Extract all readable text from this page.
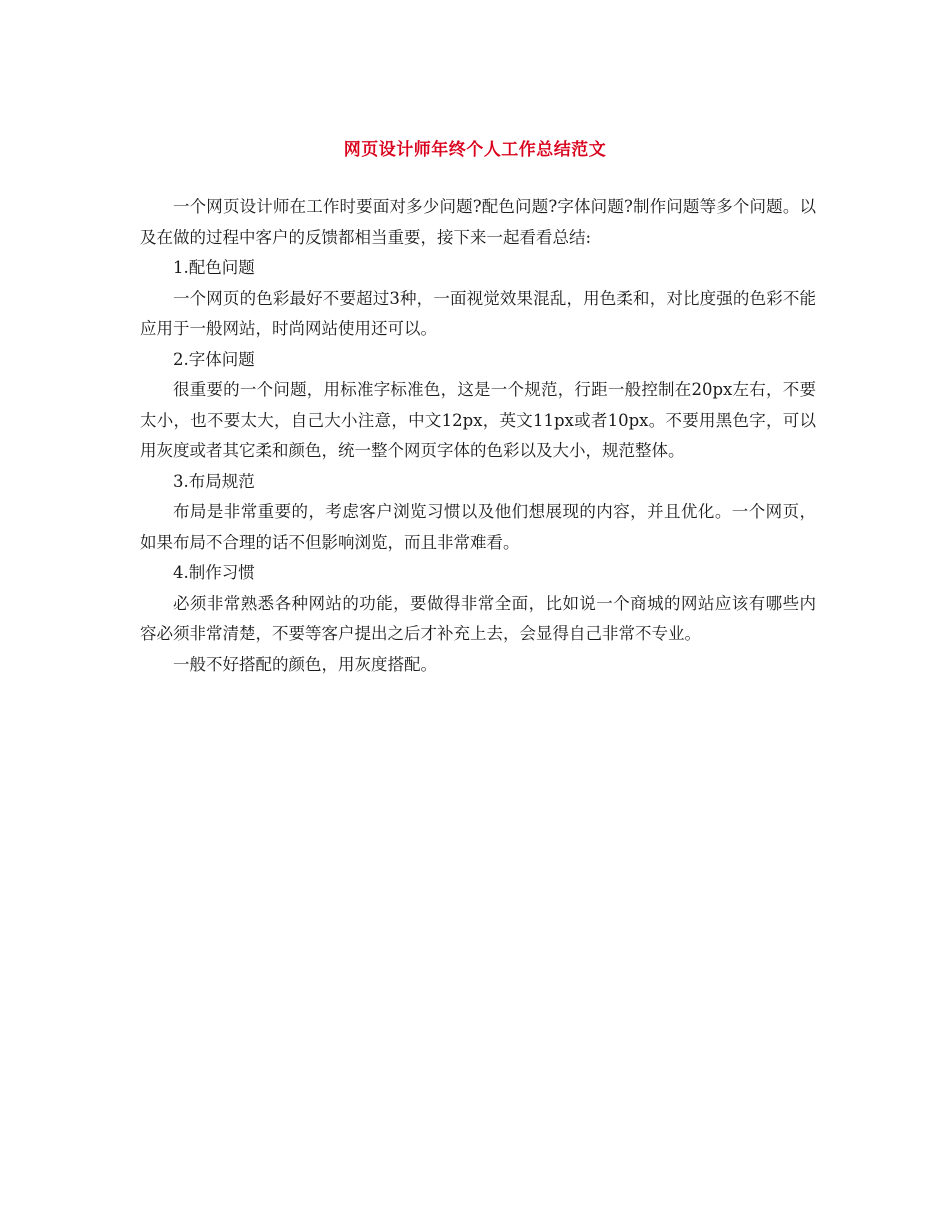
网页设计师年终个人工作总结范文

一个网页设计师在工作时要面对多少问题?配色问题?字体问题?制作问题等多个问题。以及在做的过程中客户的反馈都相当重要，接下来一起看看总结:

1.配色问题

一个网页的色彩最好不要超过3种，一面视觉效果混乱，用色柔和，对比度强的色彩不能应用于一般网站，时尚网站使用还可以。

2.字体问题

很重要的一个问题，用标准字标准色，这是一个规范，行距一般控制在20px左右，不要太小，也不要太大，自己大小注意，中文12px，英文11px或者10px。不要用黑色字，可以用灰度或者其它柔和颜色，统一整个网页字体的色彩以及大小，规范整体。

3.布局规范

布局是非常重要的，考虑客户浏览习惯以及他们想展现的内容，并且优化。一个网页，如果布局不合理的话不但影响浏览，而且非常难看。

4.制作习惯

必须非常熟悉各种网站的功能，要做得非常全面，比如说一个商城的网站应该有哪些内容必须非常清楚，不要等客户提出之后才补充上去，会显得自己非常不专业。

一般不好搭配的颜色，用灰度搭配。
